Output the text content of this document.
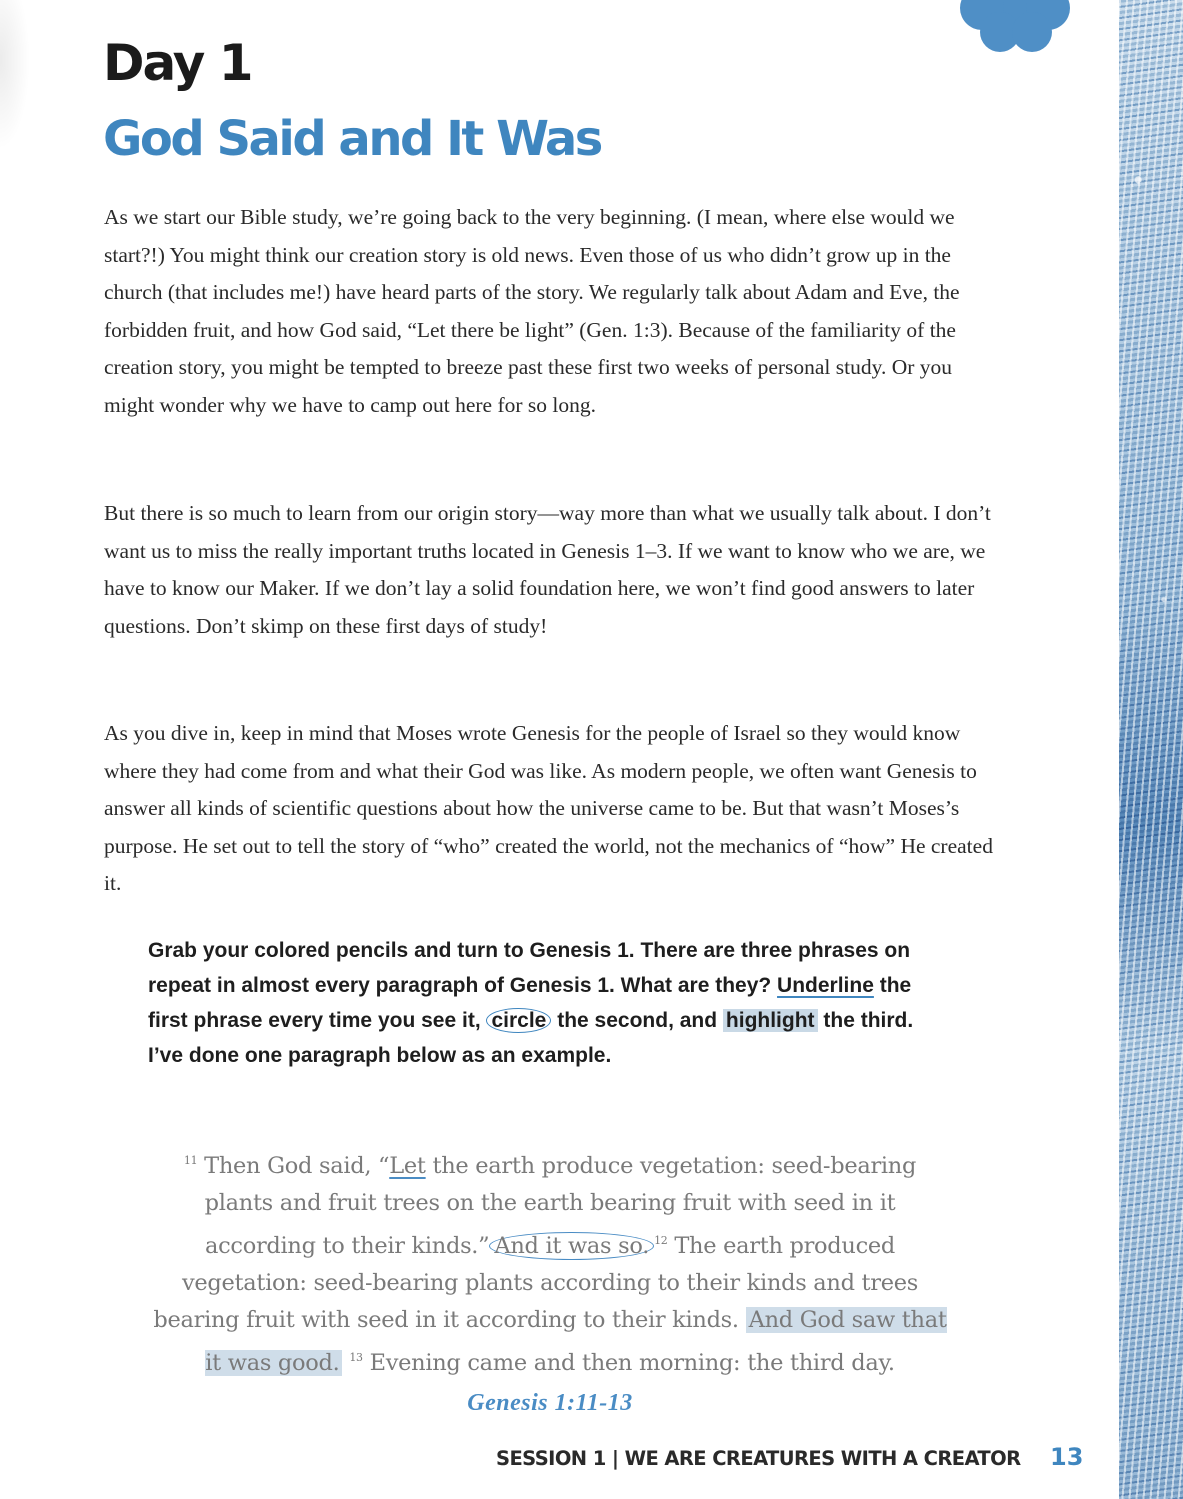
Day 1
God Said and It Was

As we start our Bible study, we’re going back to the very beginning. (I mean, where else would we start?!) You might think our creation story is old news. Even those of us who didn’t grow up in the church (that includes me!) have heard parts of the story. We regularly talk about Adam and Eve, the forbidden fruit, and how God said, “Let there be light” (Gen. 1:3). Because of the familiarity of the creation story, you might be tempted to breeze past these first two weeks of personal study. Or you might wonder why we have to camp out here for so long.

But there is so much to learn from our origin story—way more than what we usually talk about. I don’t want us to miss the really important truths located in Genesis 1–3. If we want to know who we are, we have to know our Maker. If we don’t lay a solid foundation here, we won’t find good answers to later questions. Don’t skimp on these first days of study!

As you dive in, keep in mind that Moses wrote Genesis for the people of Israel so they would know where they had come from and what their God was like. As modern people, we often want Genesis to answer all kinds of scientific questions about how the universe came to be. But that wasn’t Moses’s purpose. He set out to tell the story of “who” created the world, not the mechanics of “how” He created it.

Grab your colored pencils and turn to Genesis 1. There are three phrases on repeat in almost every paragraph of Genesis 1. What are they? Underline the first phrase every time you see it, circle the second, and highlight the third. I’ve done one paragraph below as an example.

$^{11}$ Then God said, “Let the earth produce vegetation: seed-bearing plants and fruit trees on the earth bearing fruit with seed in it according to their kinds.” And it was so. $^{12}$ The earth produced vegetation: seed-bearing plants according to their kinds and trees bearing fruit with seed in it according to their kinds. And God saw that it was good. $^{13}$ Evening came and then morning: the third day.

Genesis 1:11-13

SESSION 1 | WE ARE CREATURES WITH A CREATOR 13
